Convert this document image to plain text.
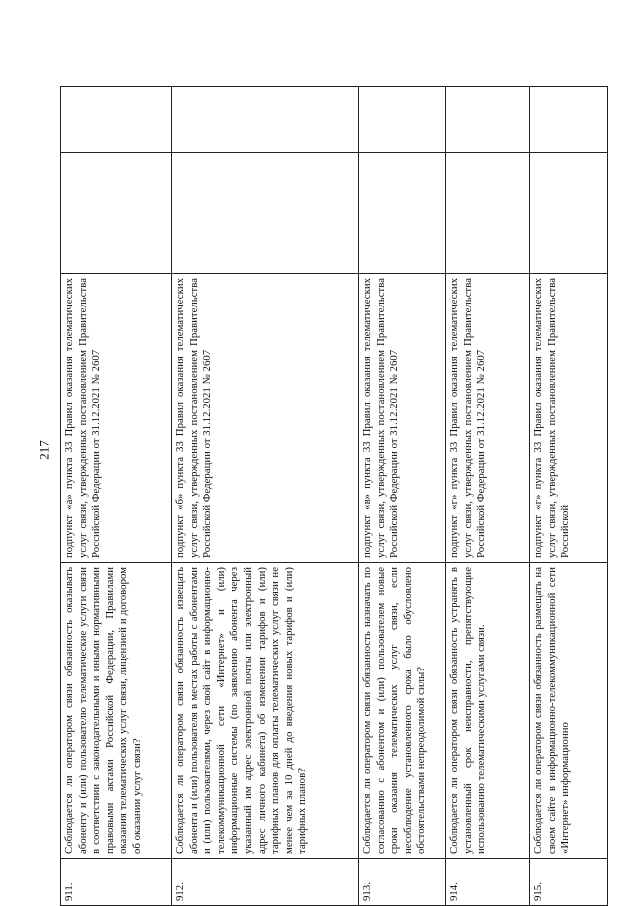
217
911.	Соблюдается ли оператором связи обязанность оказывать абоненту и (или) пользователю телематические услуги связи в соответствии с законодательными и иными нормативными правовыми актами Российской Федерации, Правилами оказания телематических услуг связи, лицензией и договором об оказании услуг связи?	подпункт «а» пункта 33 Правил оказания телематических услуг связи, утвержденных постановлением Правительства Российской Федерации от 31.12.2021 № 2607		
912.	Соблюдается ли оператором связи обязанность извещать абонента и (или) пользователя в местах работы с абонентами и (или) пользователями, через свой сайт в информационно-телекоммуникационной сети «Интернет» и (или) информационные системы (по заявлению абонента через указанный им адрес электронной почты или электронный адрес личного кабинета) об изменении тарифов и (или) тарифных планов для оплаты телематических услуг связи не менее чем за 10 дней до введения новых тарифов и (или) тарифных планов?	подпункт «б» пункта 33 Правил оказания телематических услуг связи, утвержденных постановлением Правительства Российской Федерации от 31.12.2021 № 2607		
913.	Соблюдается ли оператором связи обязанность назначать по согласованию с абонентом и (или) пользователем новые сроки оказания телематических услуг связи, если несоблюдение установленного срока было обусловлено обстоятельствами непреодолимой силы?	подпункт «в» пункта 33 Правил оказания телематических услуг связи, утвержденных постановлением Правительства Российской Федерации от 31.12.2021 № 2607		
914.	Соблюдается ли оператором связи обязанность устранять в установленный срок неисправности, препятствующие использованию телематическими услугами связи.	подпункт «г» пункта 33 Правил оказания телематических услуг связи, утвержденных постановлением Правительства Российской Федерации от 31.12.2021 № 2607		
915.	Соблюдается ли оператором связи обязанность размещать на своем сайте в информационно-телекоммуникационной сети «Интернет» информационно	подпункт «г» пункта 33 Правил оказания телематических услуг связи, утвержденных постановлением Правительства Российской		
